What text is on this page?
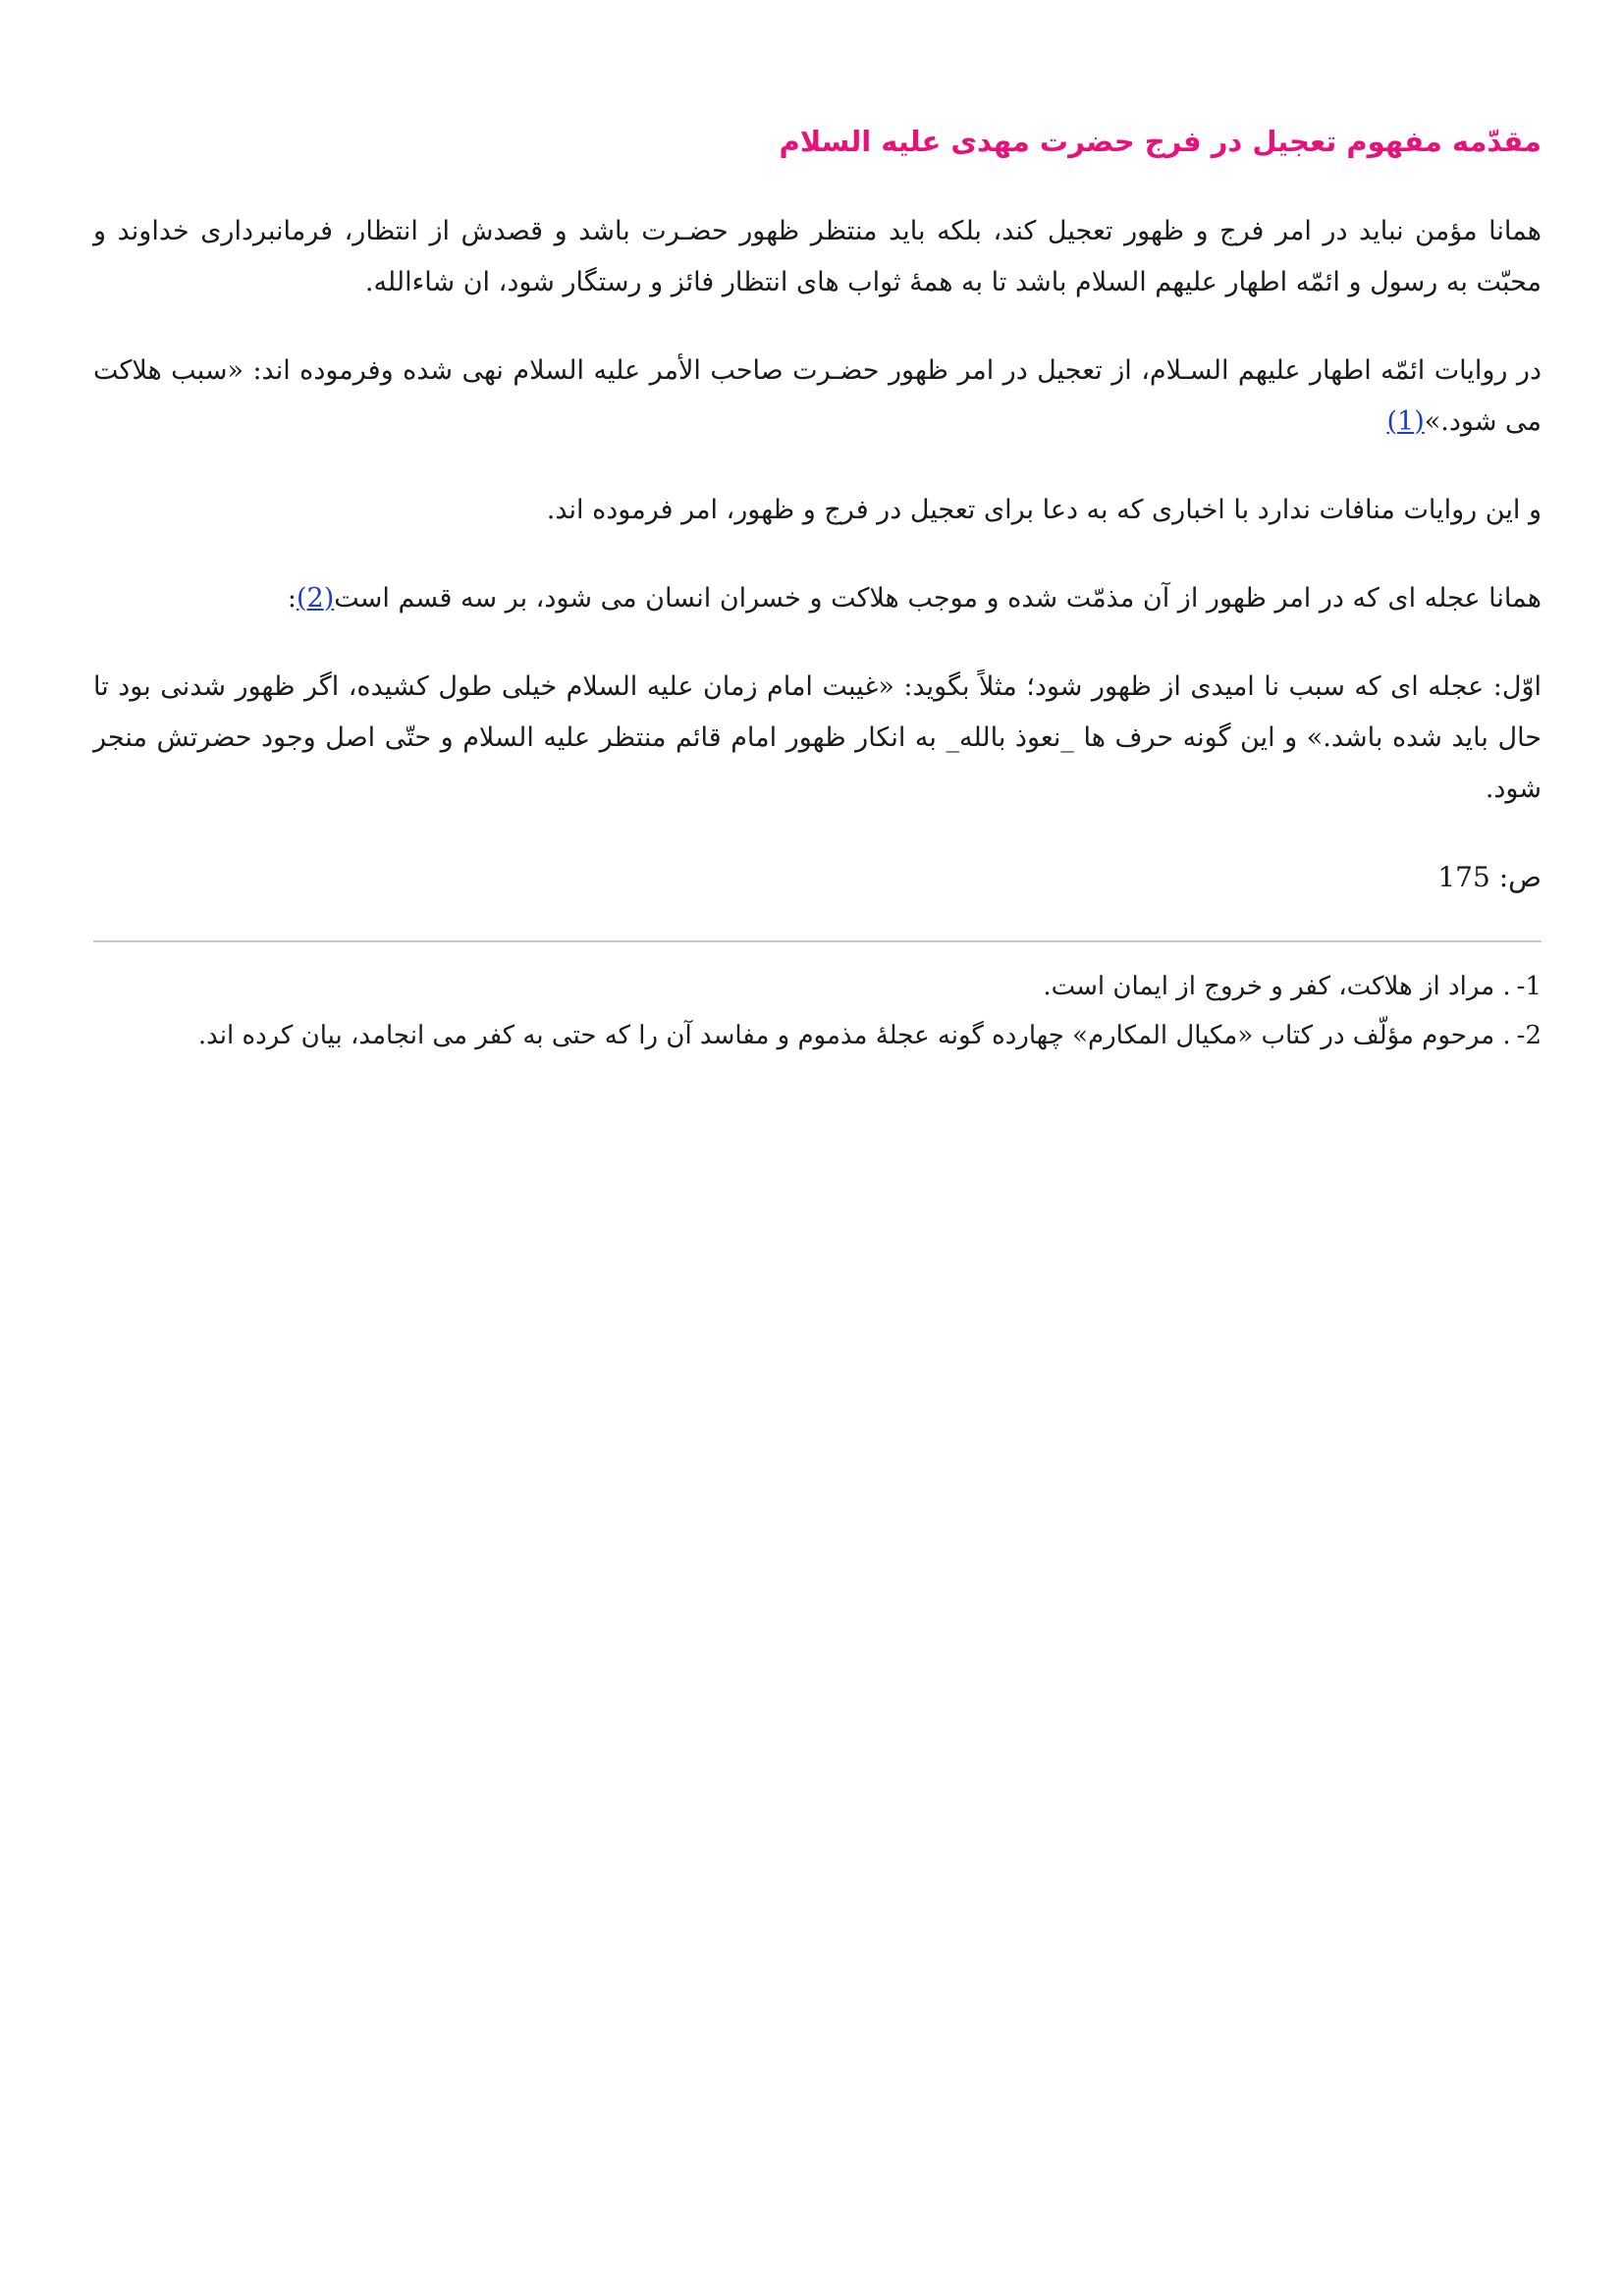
مقدّمه مفهوم تعجیل در فرج حضرت مهدی علیه السلام

همانا مؤمن نباید در امر فرج و ظهور تعجیل کند، بلکه باید منتظر ظهور حضـرت باشد و قصدش از انتظار، فرمانبرداری خداوند و محبّت به رسول و ائمّه اطهار علیهم السلام باشد تا به همهٔ ثواب های انتظار فائز و رستگار شود، ان شاءالله.

در روایات ائمّه اطهار علیهم السـلام، از تعجیل در امر ظهور حضـرت صاحب الأمر علیه السلام نهی شده وفرموده اند: «سبب هلاکت می شود.»(1)

و این روایات منافات ندارد با اخباری که به دعا برای تعجیل در فرج و ظهور، امر فرموده اند.

همانا عجله ای که در امر ظهور از آن مذمّت شده و موجب هلاکت و خسران انسان می شود، بر سه قسم است(2):

اوّل: عجله ای که سبب نا امیدی از ظهور شود؛ مثلاً بگوید: «غیبت امام زمان علیه السلام خیلی طول کشیده، اگر ظهور شدنی بود تا حال باید شده باشد.» و این گونه حرف ها _نعوذ بالله_ به انکار ظهور امام قائم منتظر علیه السلام و حتّی اصل وجود حضرتش منجر شود.

ص: 175

1-. مراد از هلاکت، کفر و خروج از ایمان است.

2-. مرحوم مؤلّف در کتاب «مکیال المکارم» چهارده گونه عجلهٔ مذموم و مفاسد آن را که حتی به کفر می انجامد، بیان کرده اند.
